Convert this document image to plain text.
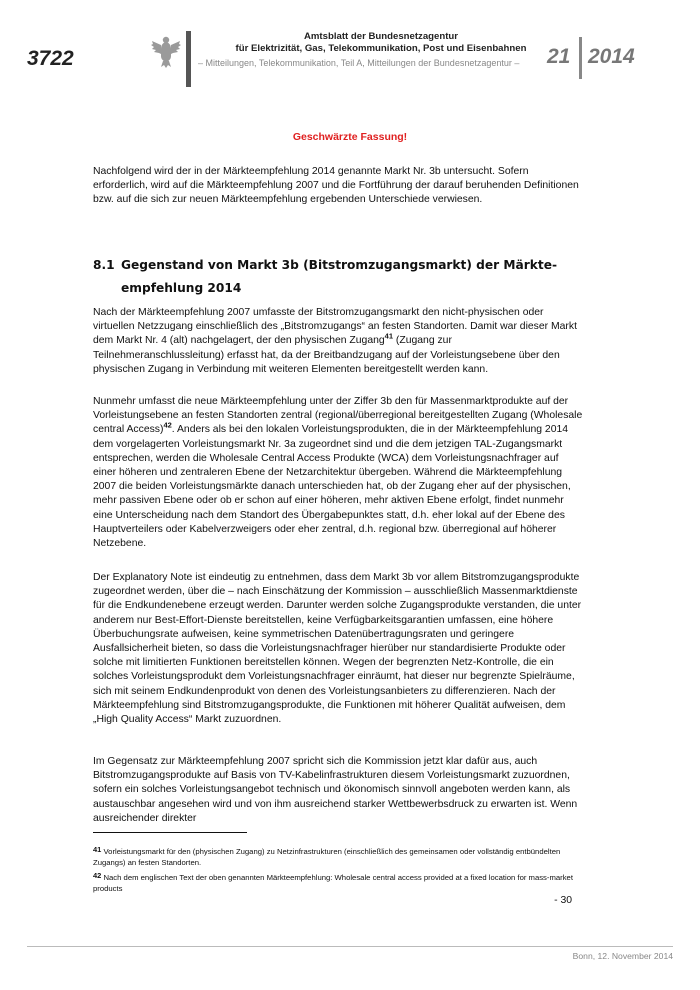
3722
Amtsblatt der Bundesnetzagentur
für Elektrizität, Gas, Telekommunikation, Post und Eisenbahnen
– Mitteilungen, Telekommunikation, Teil A, Mitteilungen der Bundesnetzagentur –	21 2014
Geschwärzte Fassung!
Nachfolgend wird der in der Märkteempfehlung 2014 genannte Markt Nr. 3b untersucht. Sofern erforderlich, wird auf die Märkteempfehlung 2007 und die Fortführung der darauf beruhenden Definitionen bzw. auf die sich zur neuen Märkteempfehlung ergebenden Unterschiede verwiesen.
8.1 Gegenstand von Markt 3b (Bitstromzugangsmarkt) der Märkte-
empfehlung 2014
Nach der Märkteempfehlung 2007 umfasste der Bitstromzugangsmarkt den nicht-physischen oder virtuellen Netzzugang einschließlich des „Bitstromzugangs“ an festen Standorten. Damit war dieser Markt dem Markt Nr. 4 (alt) nachgelagert, der den physischen Zugang$^{41}$ (Zugang zur Teilnehmeranschlussleitung) erfasst hat, da der Breitbandzugang auf der Vorleistungsebene über den physischen Zugang in Verbindung mit weiteren Elementen bereitgestellt werden kann.
Nunmehr umfasst die neue Märkteempfehlung unter der Ziffer 3b den für Massenmarktprodukte auf der Vorleistungsebene an festen Standorten zentral (regional/überregional bereitgestellten Zugang (Wholesale central Access)$^{42}$. Anders als bei den lokalen Vorleistungsprodukten, die in der Märkteempfehlung 2014 dem vorgelagerten Vorleistungsmarkt Nr. 3a zugeordnet sind und die dem jetzigen TAL-Zugangsmarkt entsprechen, werden die Wholesale Central Access Produkte (WCA) dem Vorleistungsnachfrager auf einer höheren und zentraleren Ebene der Netzarchitektur übergeben. Während die Märkteempfehlung 2007 die beiden Vorleistungsmärkte danach unterschieden hat, ob der Zugang eher auf der physischen, mehr passiven Ebene oder ob er schon auf einer höheren, mehr aktiven Ebene erfolgt, findet nunmehr eine Unterscheidung nach dem Standort des Übergabepunktes statt, d.h. eher lokal auf der Ebene des Hauptverteilers oder Kabelverzweigers oder eher zentral, d.h. regional bzw. überregional auf höherer Netzebene.
Der Explanatory Note ist eindeutig zu entnehmen, dass dem Markt 3b vor allem Bitstromzugangsprodukte zugeordnet werden, über die – nach Einschätzung der Kommission – ausschließlich Massenmarktdienste für die Endkundenebene erzeugt werden. Darunter werden solche Zugangsprodukte verstanden, die unter anderem nur Best-Effort-Dienste bereitstellen, keine Verfügbarkeitsgarantien umfassen, eine höhere Überbuchungsrate aufweisen, keine symmetrischen Datenübertragungsraten und geringere Ausfallsicherheit bieten, so dass die Vorleistungsnachfrager hierüber nur standardisierte Produkte oder solche mit limitierten Funktionen bereitstellen können. Wegen der begrenzten Netz-Kontrolle, die ein solches Vorleistungsprodukt dem Vorleistungsnachfrager einräumt, hat dieser nur begrenzte Spielräume, sich mit seinem Endkundenprodukt von denen des Vorleistungsanbieters zu differenzieren. Nach der Märkteempfehlung sind Bitstromzugangsprodukte, die Funktionen mit höherer Qualität aufweisen, dem „High Quality Access“ Markt zuzuordnen.
Im Gegensatz zur Märkteempfehlung 2007 spricht sich die Kommission jetzt klar dafür aus, auch Bitstromzugangsprodukte auf Basis von TV-Kabelinfrastrukturen diesem Vorleistungsmarkt zuzuordnen, sofern ein solches Vorleistungsangebot technisch und ökonomisch sinnvoll angeboten werden kann, als austauschbar angesehen wird und von ihm ausreichend starker Wettbewerbsdruck zu erwarten ist. Wenn ausreichender direkter
41 Vorleistungsmarkt für den (physischen Zugang) zu Netzinfrastrukturen (einschließlich des gemeinsamen oder vollständig entbündelten Zugangs) an festen Standorten.
42 Nach dem englischen Text der oben genannten Märkteempfehlung: Wholesale central access provided at a fixed location for mass-market products
- 30
Bonn, 12. November 2014
